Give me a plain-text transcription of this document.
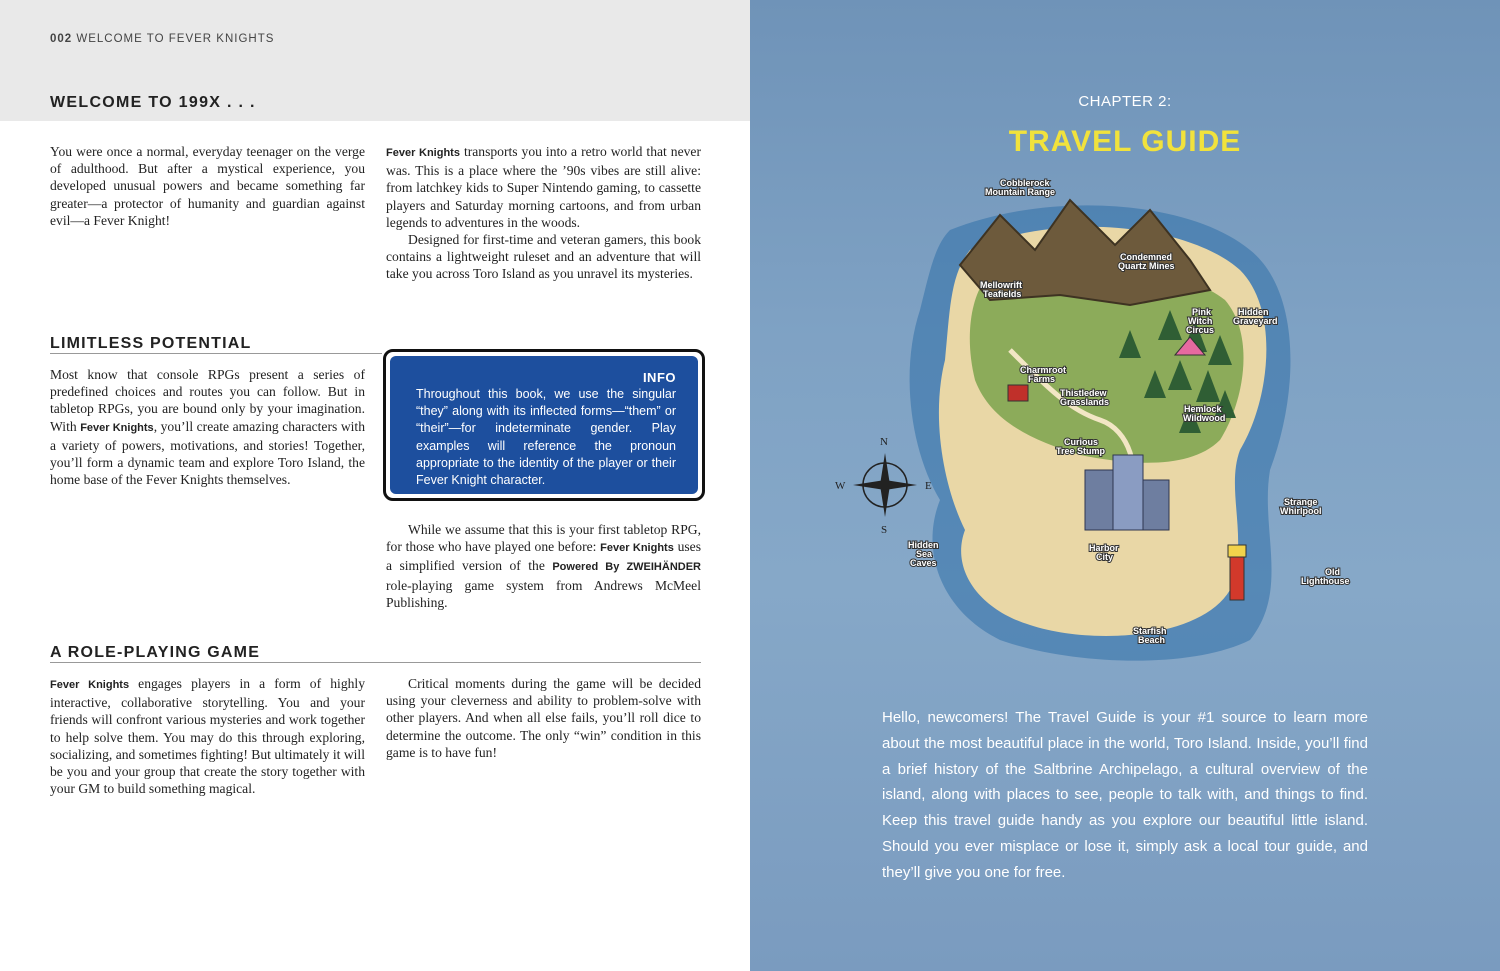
002 WELCOME TO FEVER KNIGHTS
WELCOME TO 199X . . .

You were once a normal, everyday teenager on the verge of adulthood. But after a mystical experience, you developed unusual powers and became something far greater—a protector of humanity and guardian against evil—a Fever Knight!

Fever Knights transports you into a retro world that never was. This is a place where the ’90s vibes are still alive: from latchkey kids to Super Nintendo gaming, to cassette players and Saturday morning cartoons, and from urban legends to adventures in the woods.

Designed for first-time and veteran gamers, this book contains a lightweight ruleset and an adventure that will take you across Toro Island as you unravel its mysteries.

LIMITLESS POTENTIAL

Most know that console RPGs present a series of predefined choices and routes you can follow. But in tabletop RPGs, you are bound only by your imagination. With Fever Knights, you’ll create amazing characters with a variety of powers, motivations, and stories! Together, you’ll form a dynamic team and explore Toro Island, the home base of the Fever Knights themselves.

INFO
Throughout this book, we use the singular “they” along with its inflected forms—“them” or “their”—for indeterminate gender. Play examples will reference the pronoun appropriate to the identity of the player or their Fever Knight character.

While we assume that this is your first tabletop RPG, for those who have played one before: Fever Knights uses a simplified version of the Powered By ZWEIHÄNDER role-playing game system from Andrews McMeel Publishing.

A ROLE-PLAYING GAME

Fever Knights engages players in a form of highly interactive, collaborative storytelling. You and your friends will confront various mysteries and work together to help solve them. You may do this through exploring, socializing, and sometimes fighting! But ultimately it will be you and your group that create the story together with your GM to build something magical.

Critical moments during the game will be decided using your cleverness and ability to problem-solve with other players. And when all else fails, you’ll roll dice to determine the outcome. The only “win” condition in this game is to have fun!

CHAPTER 2:
TRAVEL GUIDE
N
S
E
W
Cobblerock Mountain Range
Condemned Quartz Mines
Mellowrift Teafields
Pink Witch Circus
Hidden Graveyard
Charmroot Farms
Thistledew Grasslands
Hemlock Wildwood
Curious Tree Stump
Strange Whirlpool
Hidden Sea Caves
Harbor City
Old Lighthouse
Starfish Beach
Hello, newcomers! The Travel Guide is your #1 source to learn more about the most beautiful place in the world, Toro Island. Inside, you’ll find a brief history of the Saltbrine Archipelago, a cultural overview of the island, along with places to see, people to talk with, and things to find. Keep this travel guide handy as you explore our beautiful little island. Should you ever misplace or lose it, simply ask a local tour guide, and they’ll give you one for free.
